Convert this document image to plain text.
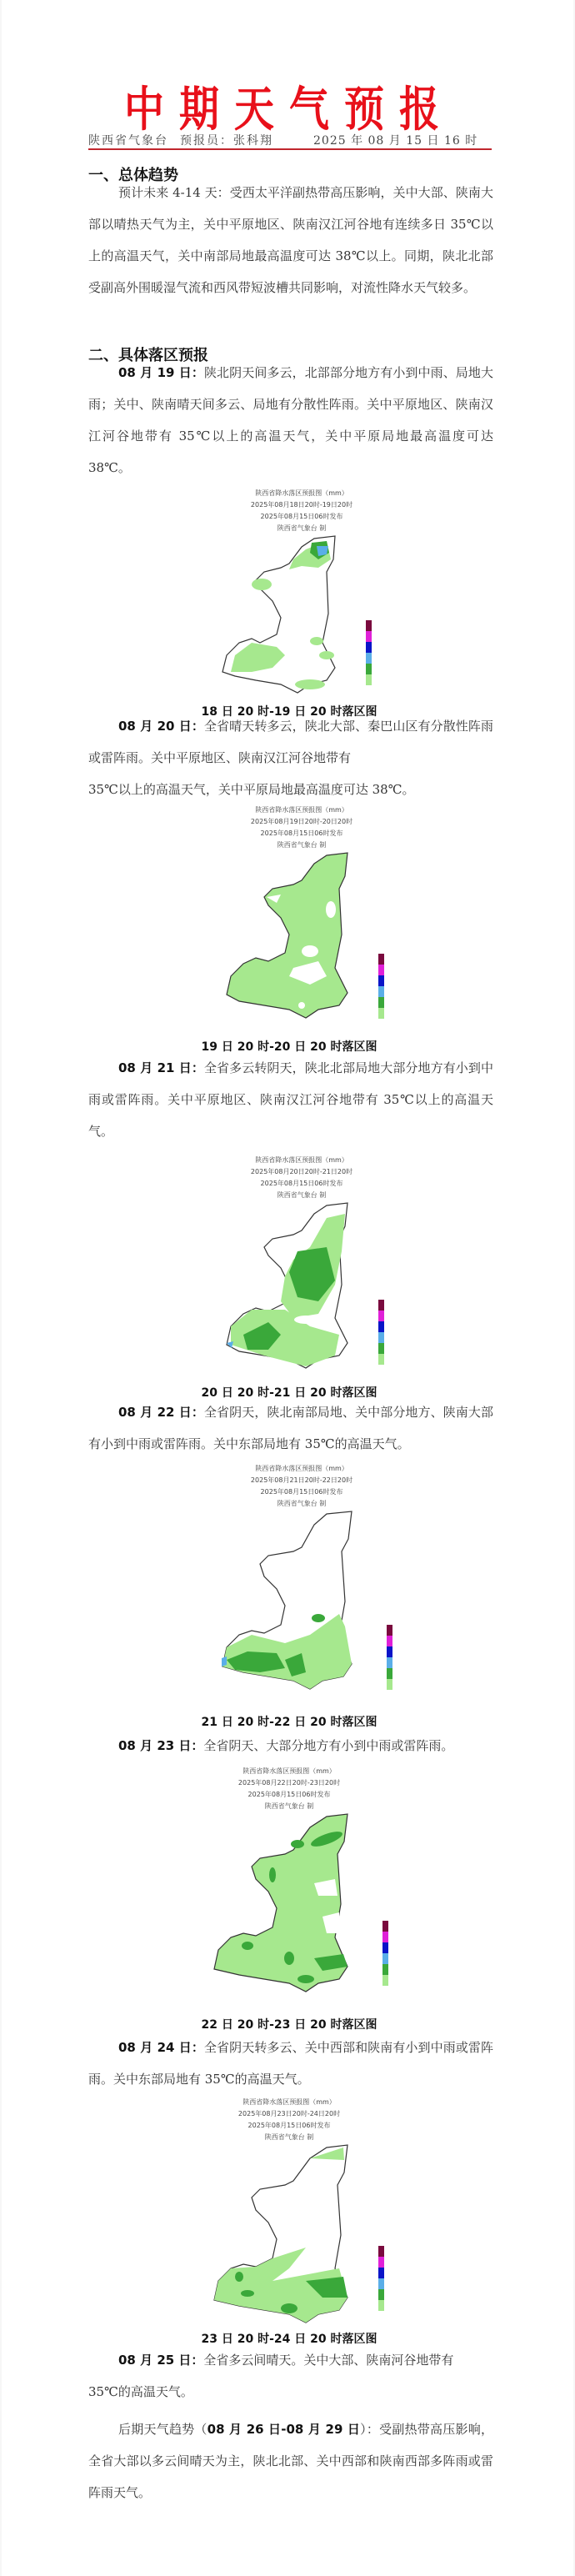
中期天气预报
陕西省气象台	预报员：张科翔	2025 年 08 月 15 日 16 时
一、总体趋势
预计未来 4-14 天：受西太平洋副热带高压影响，关中大部、陕南大部以晴热天气为主，关中平原地区、陕南汉江河谷地有连续多日 35℃以上的高温天气，关中南部局地最高温度可达 38℃以上。同期，陕北北部受副高外围暖湿气流和西风带短波槽共同影响，对流性降水天气较多。
二、具体落区预报
08 月 19 日：陕北阴天间多云，北部部分地方有小到中雨、局地大雨；关中、陕南晴天间多云、局地有分散性阵雨。关中平原地区、陕南汉江河谷地带有 35℃以上的高温天气，关中平原局地最高温度可达 38℃。
陕西省降水落区预报图（mm）
2025年08月18日20时-19日20时
2025年08月15日06时发布
陕西省气象台 制
18 日 20 时-19 日 20 时落区图
08 月 20 日：全省晴天转多云，陕北大部、秦巴山区有分散性阵雨或雷阵雨。关中平原地区、陕南汉江河谷地带有
35℃以上的高温天气，关中平原局地最高温度可达 38℃。
陕西省降水落区预报图（mm）
2025年08月19日20时-20日20时
2025年08月15日06时发布
陕西省气象台 制
19 日 20 时-20 日 20 时落区图
08 月 21 日：全省多云转阴天，陕北北部局地大部分地方有小到中雨或雷阵雨。关中平原地区、陕南汉江河谷地带有 35℃以上的高温天气。
陕西省降水落区预报图（mm）
2025年08月20日20时-21日20时
2025年08月15日06时发布
陕西省气象台 制
20 日 20 时-21 日 20 时落区图
08 月 22 日：全省阴天，陕北南部局地、关中部分地方、陕南大部有小到中雨或雷阵雨。关中东部局地有 35℃的高温天气。
陕西省降水落区预报图（mm）
2025年08月21日20时-22日20时
2025年08月15日06时发布
陕西省气象台 制
21 日 20 时-22 日 20 时落区图
08 月 23 日：全省阴天、大部分地方有小到中雨或雷阵雨。
陕西省降水落区预报图（mm）
2025年08月22日20时-23日20时
2025年08月15日06时发布
陕西省气象台 制
22 日 20 时-23 日 20 时落区图
08 月 24 日：全省阴天转多云、关中西部和陕南有小到中雨或雷阵雨。关中东部局地有 35℃的高温天气。
陕西省降水落区预报图（mm）
2025年08月23日20时-24日20时
2025年08月15日06时发布
陕西省气象台 制
23 日 20 时-24 日 20 时落区图
08 月 25 日：全省多云间晴天。关中大部、陕南河谷地带有
35℃的高温天气。
后期天气趋势（08 月 26 日-08 月 29 日）：受副热带高压影响，全省大部以多云间晴天为主，陕北北部、关中西部和陕南西部多阵雨或雷阵雨天气。
